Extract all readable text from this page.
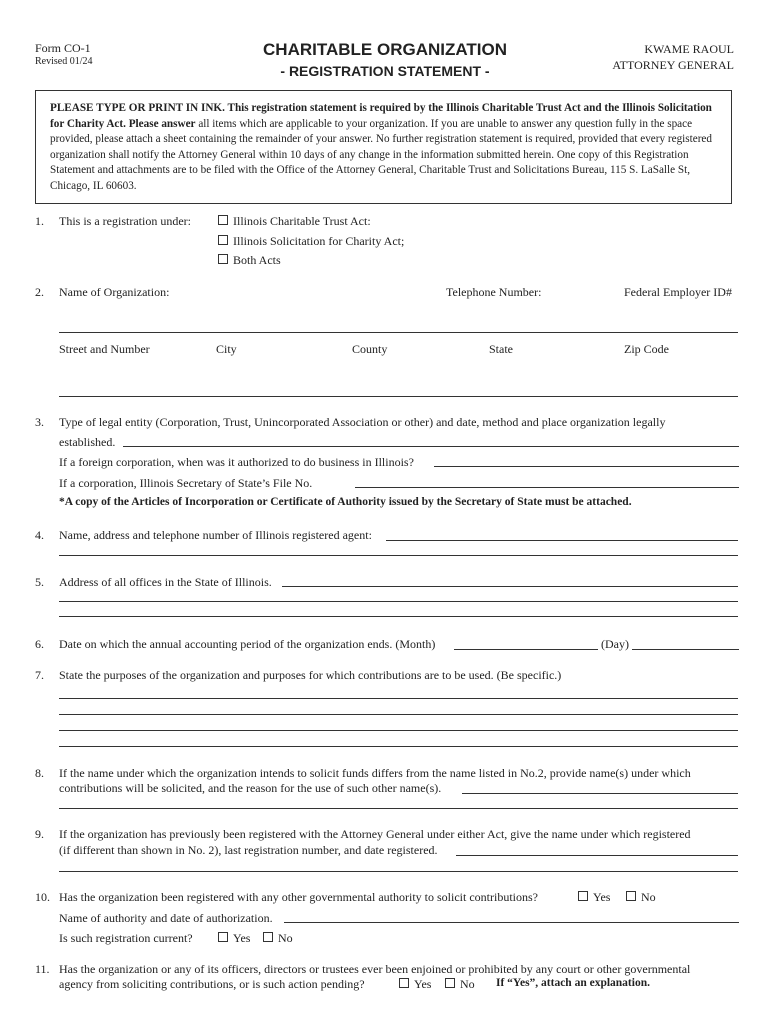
Form CO-1
Revised 01/24
CHARITABLE ORGANIZATION
- REGISTRATION STATEMENT -
KWAME RAOUL
ATTORNEY GENERAL
PLEASE TYPE OR PRINT IN INK. This registration statement is required by the Illinois Charitable Trust Act and the Illinois Solicitation for Charity Act. Please answer all items which are applicable to your organization. If you are unable to answer any question fully in the space provided, please attach a sheet containing the remainder of your answer. No further registration statement is required, provided that every registered organization shall notify the Attorney General within 10 days of any change in the information submitted herein. One copy of this Registration Statement and attachments are to be filed with the Office of the Attorney General, Charitable Trust and Solicitations Bureau, 115 S. LaSalle St, Chicago, IL 60603.
1. This is a registration under:	Illinois Charitable Trust Act:
Illinois Solicitation for Charity Act;
Both Acts
2. Name of Organization:	Telephone Number:	Federal Employer ID#
Street and Number	City	County	State	Zip Code
3. Type of legal entity (Corporation, Trust, Unincorporated Association or other) and date, method and place organization legally
established.
If a foreign corporation, when was it authorized to do business in Illinois?
If a corporation, Illinois Secretary of State’s File No.
*A copy of the Articles of Incorporation or Certificate of Authority issued by the Secretary of State must be attached.
4. Name, address and telephone number of Illinois registered agent:
5. Address of all offices in the State of Illinois.
6. Date on which the annual accounting period of the organization ends. (Month)	(Day)
7. State the purposes of the organization and purposes for which contributions are to be used. (Be specific.)
8. If the name under which the organization intends to solicit funds differs from the name listed in No.2, provide name(s) under which
contributions will be solicited, and the reason for the use of such other name(s).
9. If the organization has previously been registered with the Attorney General under either Act, give the name under which registered
(if different than shown in No. 2), last registration number, and date registered.
10. Has the organization been registered with any other governmental authority to solicit contributions?	Yes	No
Name of authority and date of authorization.
Is such registration current?	Yes	No
11. Has the organization or any of its officers, directors or trustees ever been enjoined or prohibited by any court or other governmental
agency from soliciting contributions, or is such action pending?	Yes	No If “Yes”, attach an explanation.
